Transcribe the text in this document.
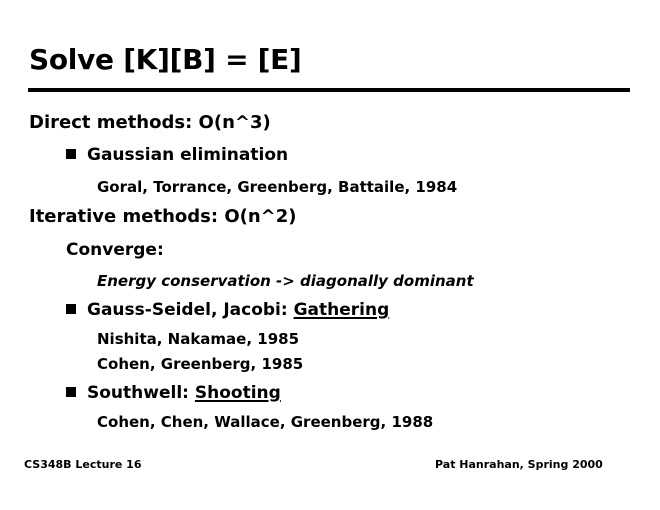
Solve [K][B] = [E]
Direct methods: O(n^3)
Gaussian elimination
Goral, Torrance, Greenberg, Battaile, 1984
Iterative methods: O(n^2)
Converge:
Energy conservation -> diagonally dominant
Gauss-Seidel, Jacobi: Gathering
Nishita, Nakamae, 1985
Cohen, Greenberg, 1985
Southwell: Shooting
Cohen, Chen, Wallace, Greenberg, 1988
CS348B Lecture 16	Pat Hanrahan, Spring 2000
